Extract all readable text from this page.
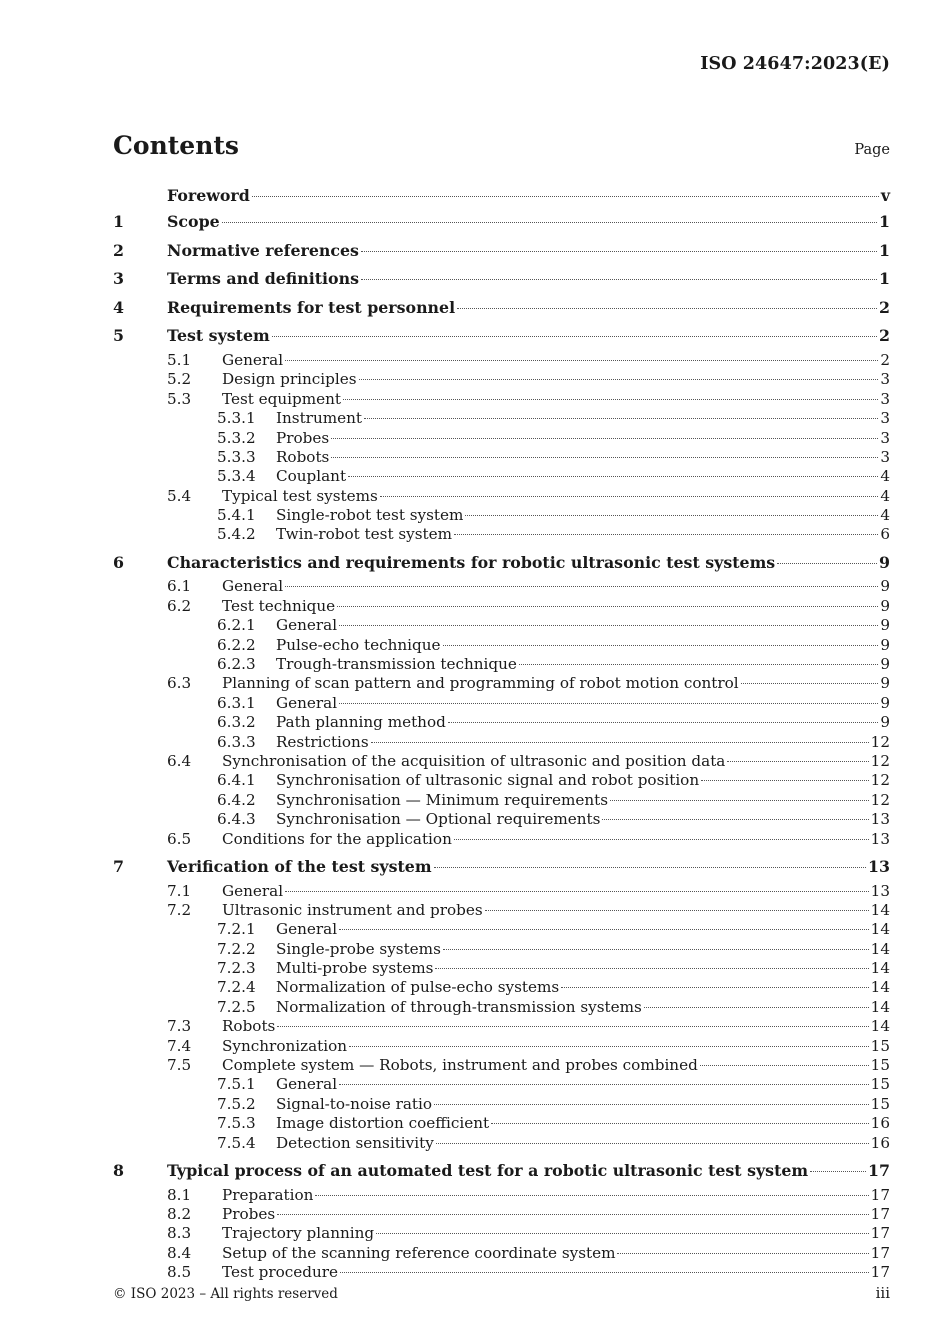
ISO 24647:2023(E)
Contents	Page
Foreword	v
1	Scope	1
2	Normative references	1
3	Terms and definitions	1
4	Requirements for test personnel	2
5	Test system	2
5.1	General	2
5.2	Design principles	3
5.3	Test equipment	3
5.3.1	Instrument	3
5.3.2	Probes	3
5.3.3	Robots	3
5.3.4	Couplant	4
5.4	Typical test systems	4
5.4.1	Single-robot test system	4
5.4.2	Twin-robot test system	6
6	Characteristics and requirements for robotic ultrasonic test systems	9
6.1	General	9
6.2	Test technique	9
6.2.1	General	9
6.2.2	Pulse-echo technique	9
6.2.3	Trough-transmission technique	9
6.3	Planning of scan pattern and programming of robot motion control	9
6.3.1	General	9
6.3.2	Path planning method	9
6.3.3	Restrictions	12
6.4	Synchronisation of the acquisition of ultrasonic and position data	12
6.4.1	Synchronisation of ultrasonic signal and robot position	12
6.4.2	Synchronisation — Minimum requirements	12
6.4.3	Synchronisation — Optional requirements	13
6.5	Conditions for the application	13
7	Verification of the test system	13
7.1	General	13
7.2	Ultrasonic instrument and probes	14
7.2.1	General	14
7.2.2	Single-probe systems	14
7.2.3	Multi-probe systems	14
7.2.4	Normalization of pulse-echo systems	14
7.2.5	Normalization of through-transmission systems	14
7.3	Robots	14
7.4	Synchronization	15
7.5	Complete system — Robots, instrument and probes combined	15
7.5.1	General	15
7.5.2	Signal-to-noise ratio	15
7.5.3	Image distortion coefficient	16
7.5.4	Detection sensitivity	16
8	Typical process of an automated test for a robotic ultrasonic test system	17
8.1	Preparation	17
8.2	Probes	17
8.3	Trajectory planning	17
8.4	Setup of the scanning reference coordinate system	17
8.5	Test procedure	17
© ISO 2023 – All rights reserved	iii
